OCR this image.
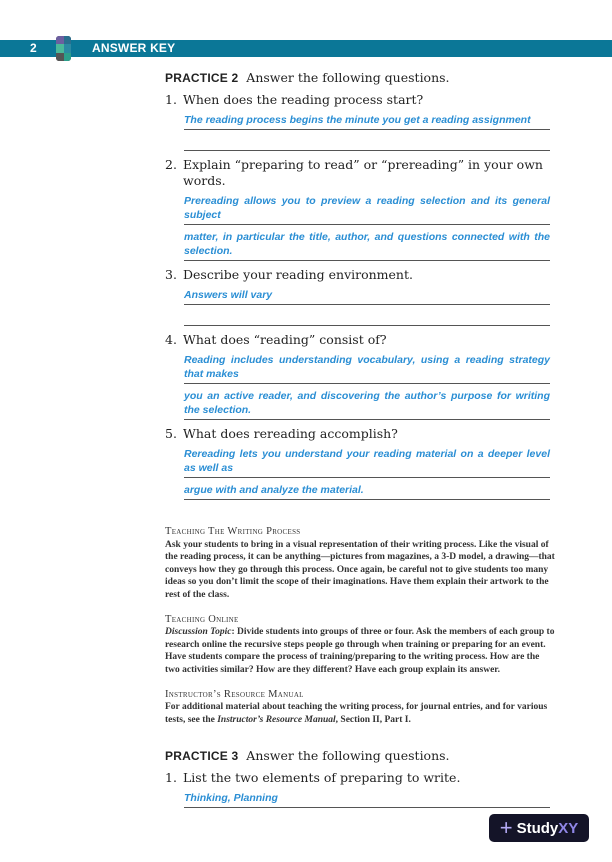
2	ANSWER KEY
PRACTICE 2 Answer the following questions.
1. When does the reading process start?
The reading process begins the minute you get a reading assignment
2. Explain “preparing to read” or “prereading” in your own words.
Prereading allows you to preview a reading selection and its general subject
matter, in particular the title, author, and questions connected with the selection.
3. Describe your reading environment.
Answers will vary
4. What does “reading” consist of?
Reading includes understanding vocabulary, using a reading strategy that makes
you an active reader, and discovering the author’s purpose for writing the selection.
5. What does rereading accomplish?
Rereading lets you understand your reading material on a deeper level as well as
argue with and analyze the material.
Teaching The Writing Process

Ask your students to bring in a visual representation of their writing process. Like the visual of the reading process, it can be anything—pictures from magazines, a 3-D model, a drawing—that conveys how they go through this process. Once again, be careful not to give students too many ideas so you don’t limit the scope of their imaginations. Have them explain their artwork to the rest of the class.

Teaching Online

Discussion Topic: Divide students into groups of three or four. Ask the members of each group to research online the recursive steps people go through when training or preparing for an event. Have students compare the process of training/preparing to the writing process. How are the two activities similar? How are they different? Have each group explain its answer.

Instructor’s Resource Manual

For additional material about teaching the writing process, for journal entries, and for various tests, see the Instructor’s Resource Manual, Section II, Part I.

PRACTICE 3 Answer the following questions.
1. List the two elements of preparing to write.
Thinking, Planning
+ StudyXY
